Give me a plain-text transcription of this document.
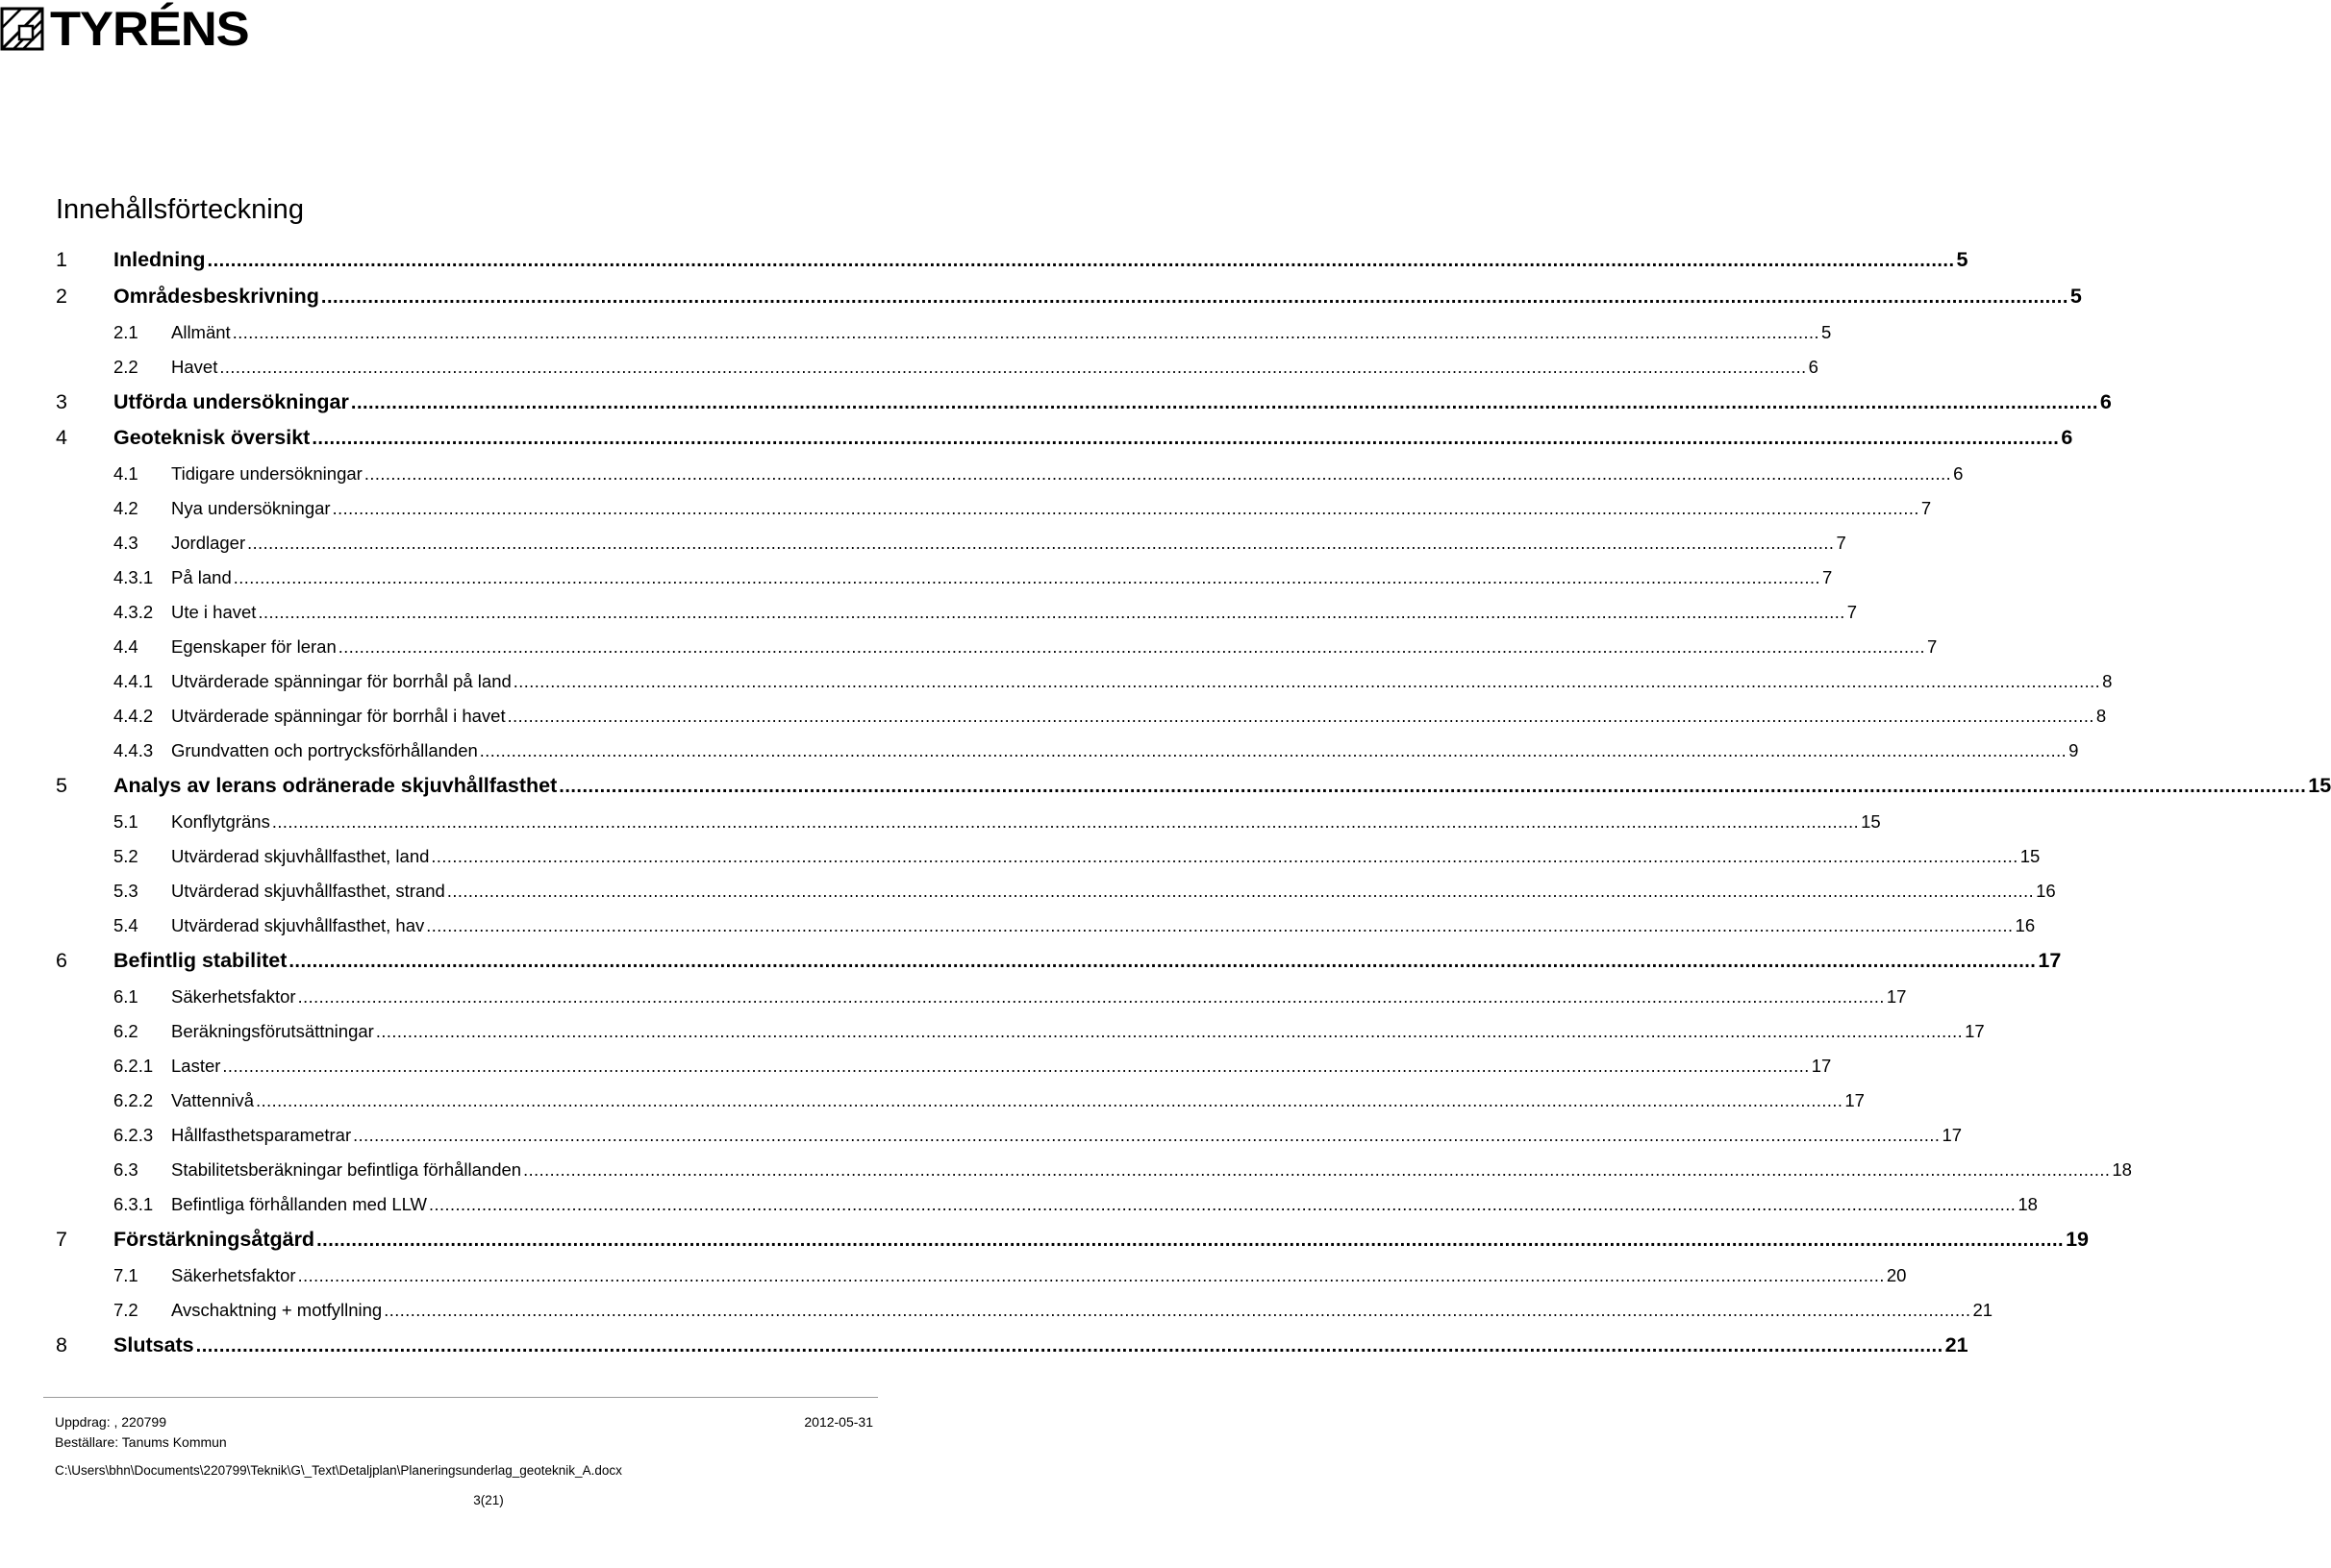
TYRÉNS
Innehållsförteckning
1	Inledning ............................................................................................................................................................................................................................................................................................................ 5
2	Områdesbeskrivning ............................................................................................................................................................................................................................................................................................................ 5
2.1	Allmänt ............................................................................................................................................................................................................................................................................................................ 5
2.2	Havet ............................................................................................................................................................................................................................................................................................................ 6
3	Utförda undersökningar ............................................................................................................................................................................................................................................................................................................ 6
4	Geoteknisk översikt ............................................................................................................................................................................................................................................................................................................ 6
4.1	Tidigare undersökningar ............................................................................................................................................................................................................................................................................................................ 6
4.2	Nya undersökningar ............................................................................................................................................................................................................................................................................................................ 7
4.3	Jordlager ............................................................................................................................................................................................................................................................................................................ 7
4.3.1	På land ............................................................................................................................................................................................................................................................................................................ 7
4.3.2	Ute i havet ............................................................................................................................................................................................................................................................................................................ 7
4.4	Egenskaper för leran ............................................................................................................................................................................................................................................................................................................ 7
4.4.1	Utvärderade spänningar för borrhål på land ............................................................................................................................................................................................................................................................................................................ 8
4.4.2	Utvärderade spänningar för borrhål i havet ............................................................................................................................................................................................................................................................................................................ 8
4.4.3	Grundvatten och portrycksförhållanden ............................................................................................................................................................................................................................................................................................................ 9
5	Analys av lerans odränerade skjuvhållfasthet ............................................................................................................................................................................................................................................................................................................ 15
5.1	Konflytgräns ............................................................................................................................................................................................................................................................................................................ 15
5.2	Utvärderad skjuvhållfasthet, land ............................................................................................................................................................................................................................................................................................................ 15
5.3	Utvärderad skjuvhållfasthet, strand ............................................................................................................................................................................................................................................................................................................ 16
5.4	Utvärderad skjuvhållfasthet, hav ............................................................................................................................................................................................................................................................................................................ 16
6	Befintlig stabilitet ............................................................................................................................................................................................................................................................................................................ 17
6.1	Säkerhetsfaktor ............................................................................................................................................................................................................................................................................................................ 17
6.2	Beräkningsförutsättningar ............................................................................................................................................................................................................................................................................................................ 17
6.2.1	Laster ............................................................................................................................................................................................................................................................................................................ 17
6.2.2	Vattennivå ............................................................................................................................................................................................................................................................................................................ 17
6.2.3	Hållfasthetsparametrar ............................................................................................................................................................................................................................................................................................................ 17
6.3	Stabilitetsberäkningar befintliga förhållanden ............................................................................................................................................................................................................................................................................................................ 18
6.3.1	Befintliga förhållanden med LLW ............................................................................................................................................................................................................................................................................................................ 18
7	Förstärkningsåtgärd ............................................................................................................................................................................................................................................................................................................ 19
7.1	Säkerhetsfaktor ............................................................................................................................................................................................................................................................................................................ 20
7.2	Avschaktning + motfyllning ............................................................................................................................................................................................................................................................................................................ 21
8	Slutsats ............................................................................................................................................................................................................................................................................................................ 21
Uppdrag: , 220799
Beställare: Tanums Kommun
2012-05-31
C:\Users\bhn\Documents\220799\Teknik\G\_Text\Detaljplan\Planeringsunderlag_geoteknik_A.docx
3(21)
